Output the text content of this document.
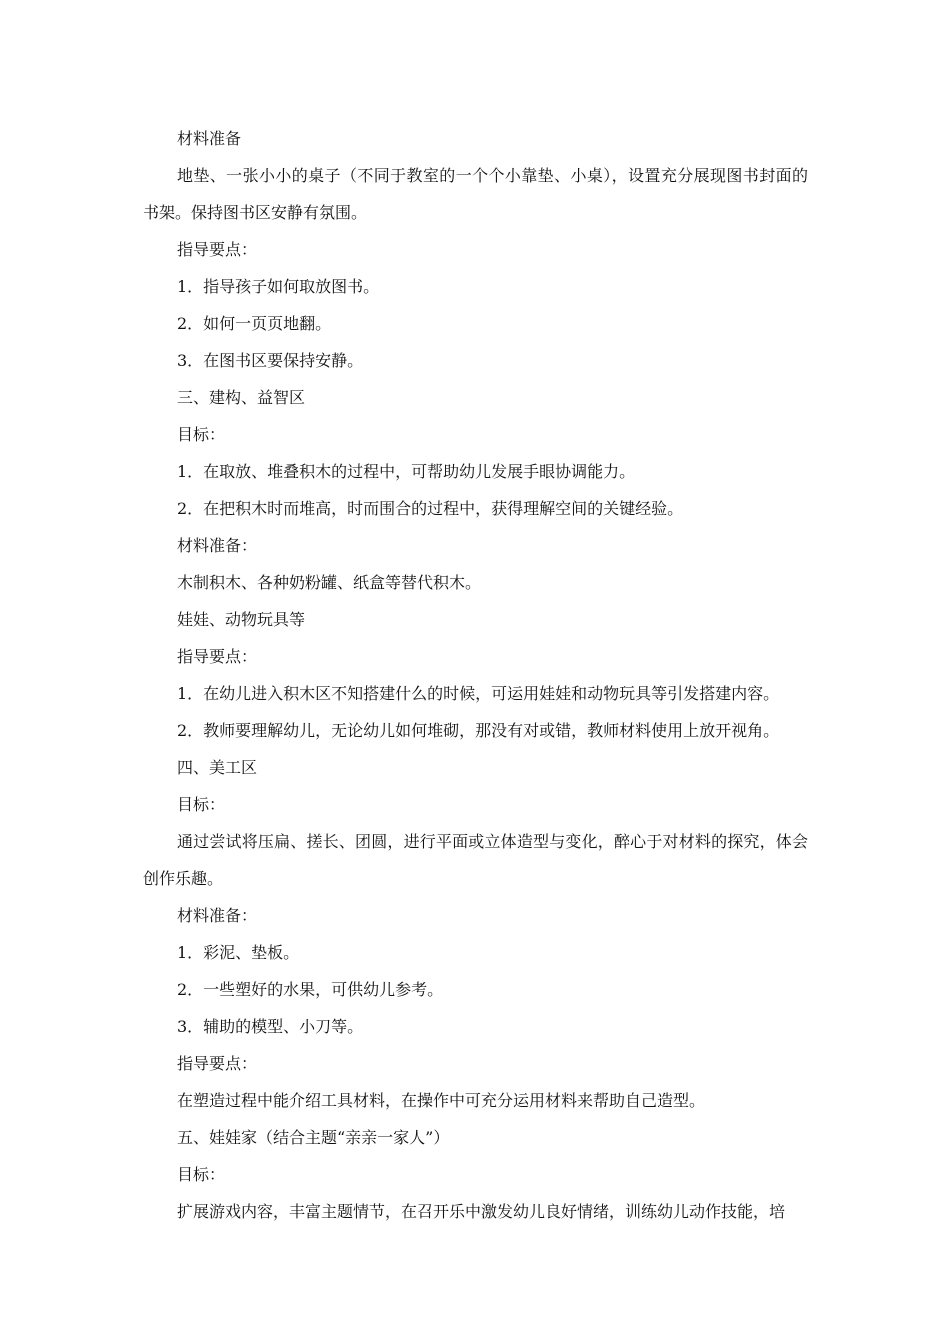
材料准备

地垫、一张小小的桌子（不同于教室的一个个小靠垫、小桌），设置充分展现图书封面的书架。保持图书区安静有氛围。

指导要点：

1．指导孩子如何取放图书。

2．如何一页页地翻。

3．在图书区要保持安静。

三、建构、益智区

目标：

1．在取放、堆叠积木的过程中，可帮助幼儿发展手眼协调能力。

2．在把积木时而堆高，时而围合的过程中，获得理解空间的关键经验。

材料准备：

木制积木、各种奶粉罐、纸盒等替代积木。

娃娃、动物玩具等

指导要点：

1．在幼儿进入积木区不知搭建什么的时候，可运用娃娃和动物玩具等引发搭建内容。

2．教师要理解幼儿，无论幼儿如何堆砌，那没有对或错，教师材料使用上放开视角。

四、美工区

目标：

通过尝试将压扁、搓长、团圆，进行平面或立体造型与变化，醉心于对材料的探究，体会创作乐趣。

材料准备：

1．彩泥、垫板。

2．一些塑好的水果，可供幼儿参考。

3．辅助的模型、小刀等。

指导要点：

在塑造过程中能介绍工具材料，在操作中可充分运用材料来帮助自己造型。

五、娃娃家（结合主题“亲亲一家人”）

目标：

扩展游戏内容，丰富主题情节，在召开乐中激发幼儿良好情绪，训练幼儿动作技能，培
